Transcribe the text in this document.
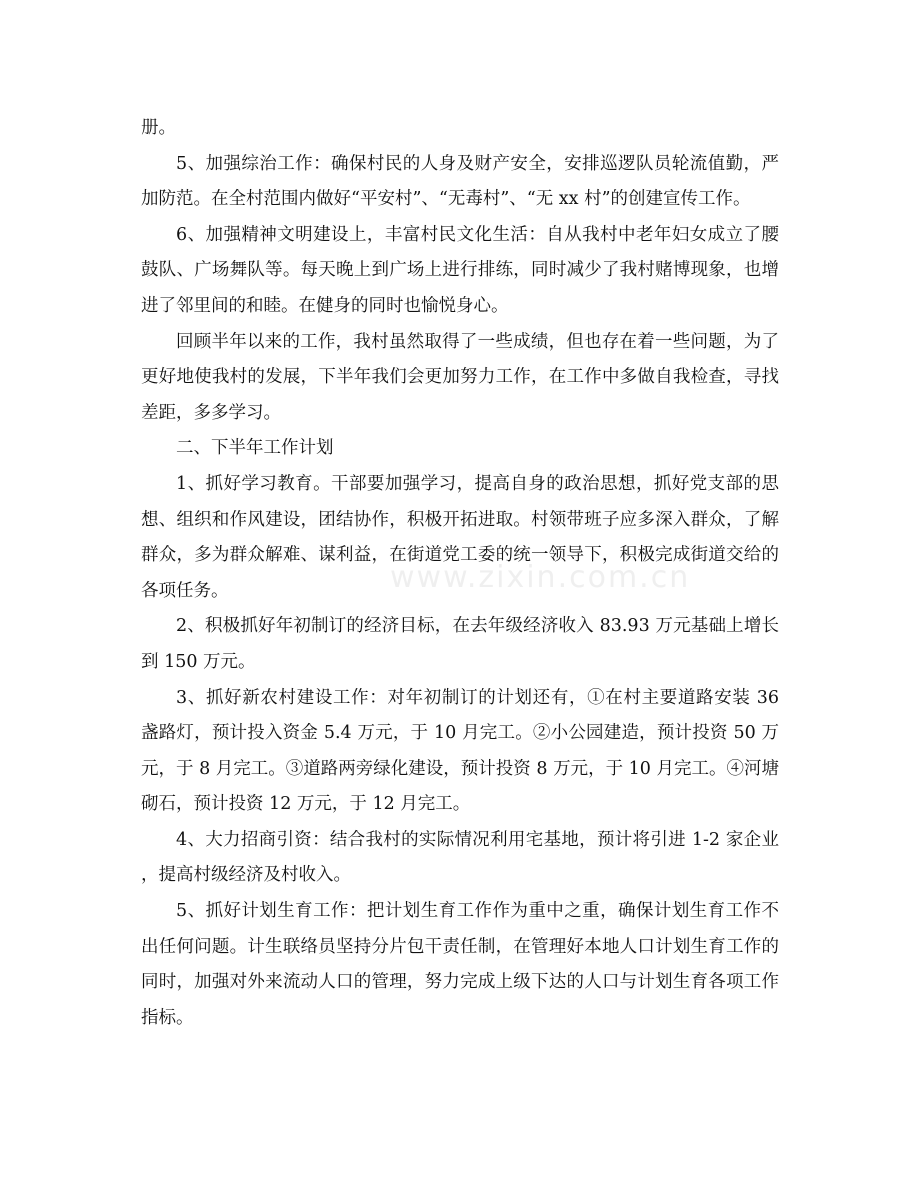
册。

5、加强综治工作：确保村民的人身及财产安全，安排巡逻队员轮流值勤，严加防范。在全村范围内做好“平安村”、“无毒村”、“无 xx 村”的创建宣传工作。

6、加强精神文明建设上，丰富村民文化生活：自从我村中老年妇女成立了腰鼓队、广场舞队等。每天晚上到广场上进行排练，同时减少了我村赌博现象，也增进了邻里间的和睦。在健身的同时也愉悦身心。

回顾半年以来的工作，我村虽然取得了一些成绩，但也存在着一些问题，为了更好地使我村的发展，下半年我们会更加努力工作，在工作中多做自我检查，寻找差距，多多学习。

二、下半年工作计划

1、抓好学习教育。干部要加强学习，提高自身的政治思想，抓好党支部的思想、组织和作风建设，团结协作，积极开拓进取。村领带班子应多深入群众，了解群众，多为群众解难、谋利益，在街道党工委的统一领导下，积极完成街道交给的各项任务。

2、积极抓好年初制订的经济目标，在去年级经济收入 83.93 万元基础上增长到 150 万元。

3、抓好新农村建设工作：对年初制订的计划还有，①在村主要道路安装 36 盏路灯，预计投入资金 5.4 万元，于 10 月完工。②小公园建造，预计投资 50 万元，于 8 月完工。③道路两旁绿化建设，预计投资 8 万元，于 10 月完工。④河塘砌石，预计投资 12 万元，于 12 月完工。

4、大力招商引资：结合我村的实际情况利用宅基地，预计将引进 1-2 家企业，提高村级经济及村收入。

5、抓好计划生育工作：把计划生育工作作为重中之重，确保计划生育工作不出任何问题。计生联络员坚持分片包干责任制，在管理好本地人口计划生育工作的同时，加强对外来流动人口的管理，努力完成上级下达的人口与计划生育各项工作指标。

www.zixin.com.cn
